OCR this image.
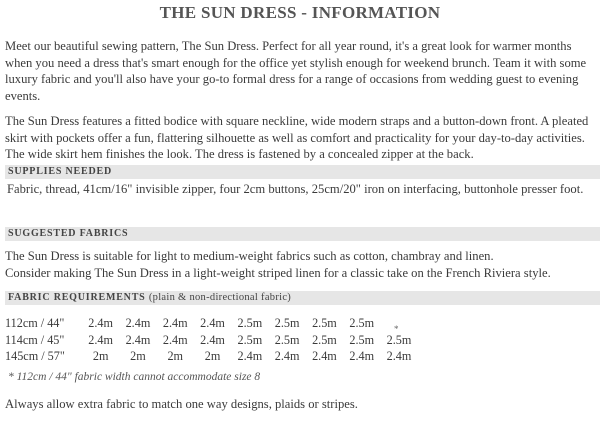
THE SUN DRESS - INFORMATION
Meet our beautiful sewing pattern, The Sun Dress. Perfect for all year round, it's a great look for warmer months when you need a dress that's smart enough for the office yet stylish enough for weekend brunch. Team it with some luxury fabric and you'll also have your go-to formal dress for a range of occasions from wedding guest to evening events.
The Sun Dress features a fitted bodice with square neckline, wide modern straps and a button-down front. A pleated skirt with pockets offer a fun, flattering silhouette as well as comfort and practicality for your day-to-day activities. The wide skirt hem finishes the look. The dress is fastened by a concealed zipper at the back.
SUPPLIES NEEDED
Fabric, thread, 41cm/16" invisible zipper, four 2cm buttons, 25cm/20" iron on interfacing, buttonhole presser foot.
SUGGESTED FABRICS
The Sun Dress is suitable for light to medium-weight fabrics such as cotton, chambray and linen.
Consider making The Sun Dress in a light-weight striped linen for a classic take on the French Riviera style.
FABRIC REQUIREMENTS (plain & non-directional fabric)
112cm / 44"	2.4m	2.4m	2.4m	2.4m	2.5m	2.5m	2.5m	2.5m
114cm / 45"	2.4m	2.4m	2.4m	2.4m	2.5m	2.5m	2.5m	2.5m	2.5m
145cm / 57"	2m	2m	2m	2m	2.4m	2.4m	2.4m	2.4m	2.4m
*
* 112cm / 44" fabric width cannot accommodate size 8
Always allow extra fabric to match one way designs, plaids or stripes.
